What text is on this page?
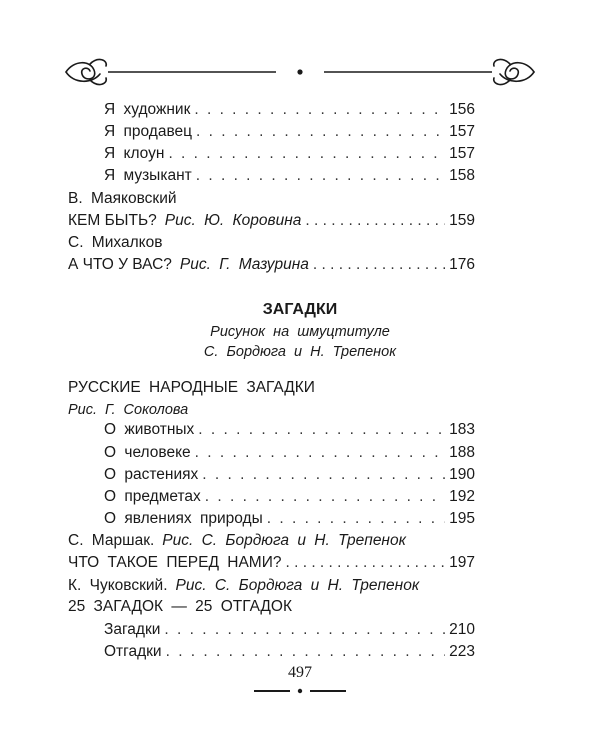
Я художник . . .	156
Я продавец . . .	157
Я клоун . . .	157
Я музыкант . . .	158
В. Маяковский
КЕМ БЫТЬ? Рис. Ю. Коровина . . .	159
С. Михалков
А ЧТО У ВАС? Рис. Г. Мазурина . . .	176
ЗАГАДКИ
Рисунок на шмуцтитуле
С. Бордюга и Н. Трепенок
РУССКИЕ НАРОДНЫЕ ЗАГАДКИ
Рис. Г. Соколова
О животных . . .	183
О человеке . . .	188
О растениях . . .	190
О предметах . . .	192
О явлениях природы . . .	195
С. Маршак. Рис. С. Бордюга и Н. Трепенок
ЧТО ТАКОЕ ПЕРЕД НАМИ? . . .	197
К. Чуковский. Рис. С. Бордюга и Н. Трепенок
25 ЗАГАДОК — 25 ОТГАДОК
Загадки . . .	210
Отгадки . . .	223
497
